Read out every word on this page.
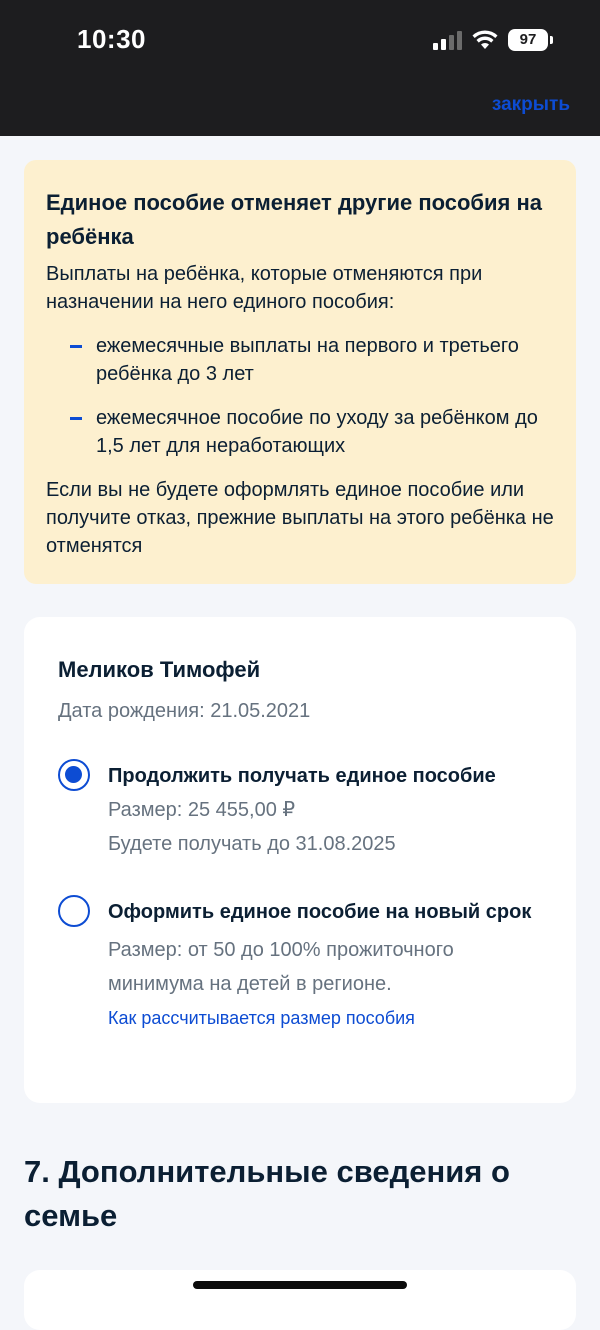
10:30	97
закрыть
Единое пособие отменяет другие пособия на ребёнка
Выплаты на ребёнка, которые отменяются при назначении на него единого пособия:
ежемесячные выплаты на первого и третьего ребёнка до 3 лет
ежемесячное пособие по уходу за ребёнком до 1,5 лет для неработающих
Если вы не будете оформлять единое пособие или получите отказ, прежние выплаты на этого ребёнка не отменятся
Меликов Тимофей
Дата рождения: 21.05.2021
Продолжить получать единое пособие
Размер: 25 455,00 ₽
Будете получать до 31.08.2025
Оформить единое пособие на новый срок
Размер: от 50 до 100% прожиточного минимума на детей в регионе.
Как рассчитывается размер пособия
7. Дополнительные сведения о семье
